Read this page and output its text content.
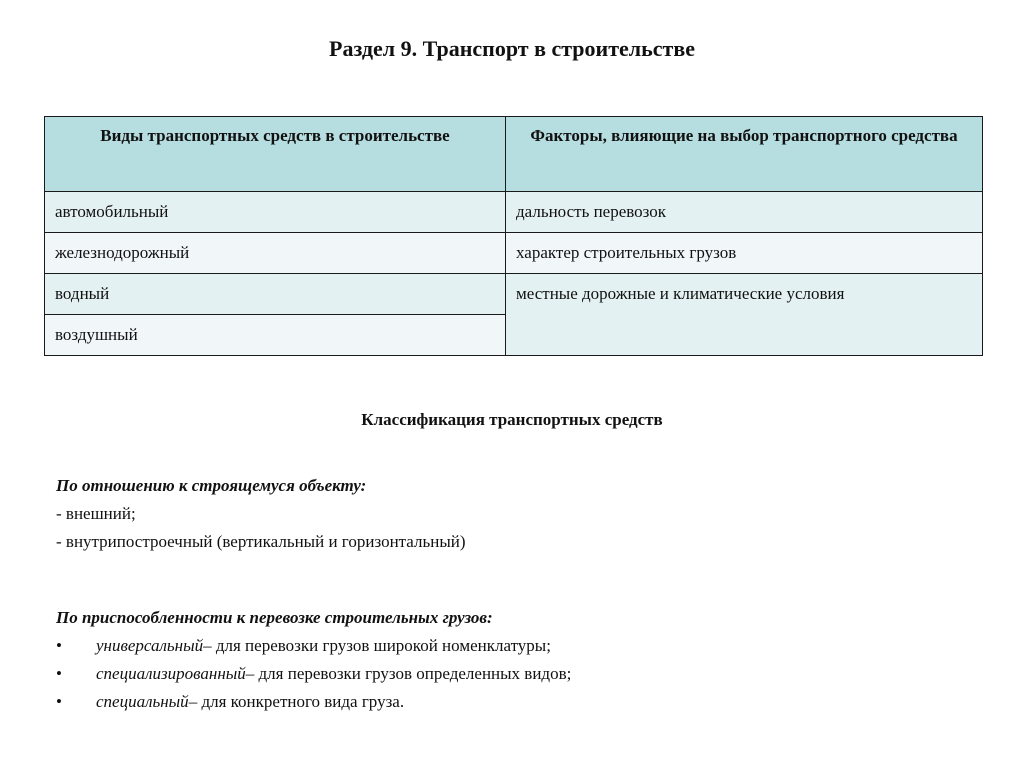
Раздел 9. Транспорт в строительстве
Виды транспортных средств в строительстве	Факторы, влияющие на выбор транспортного средства
автомобильный	дальность перевозок
железнодорожный	характер строительных грузов
водный	местные дорожные и климатические условия
воздушный	
Классификация транспортных средств
По отношению к строящемуся объекту:
- внешний;
- внутрипостроечный (вертикальный и горизонтальный)
По приспособленности к перевозке строительных грузов:
•	универсальный – для перевозки грузов широкой номенклатуры;
•	специализированный – для перевозки грузов определенных видов;
•	специальный – для конкретного вида груза.
